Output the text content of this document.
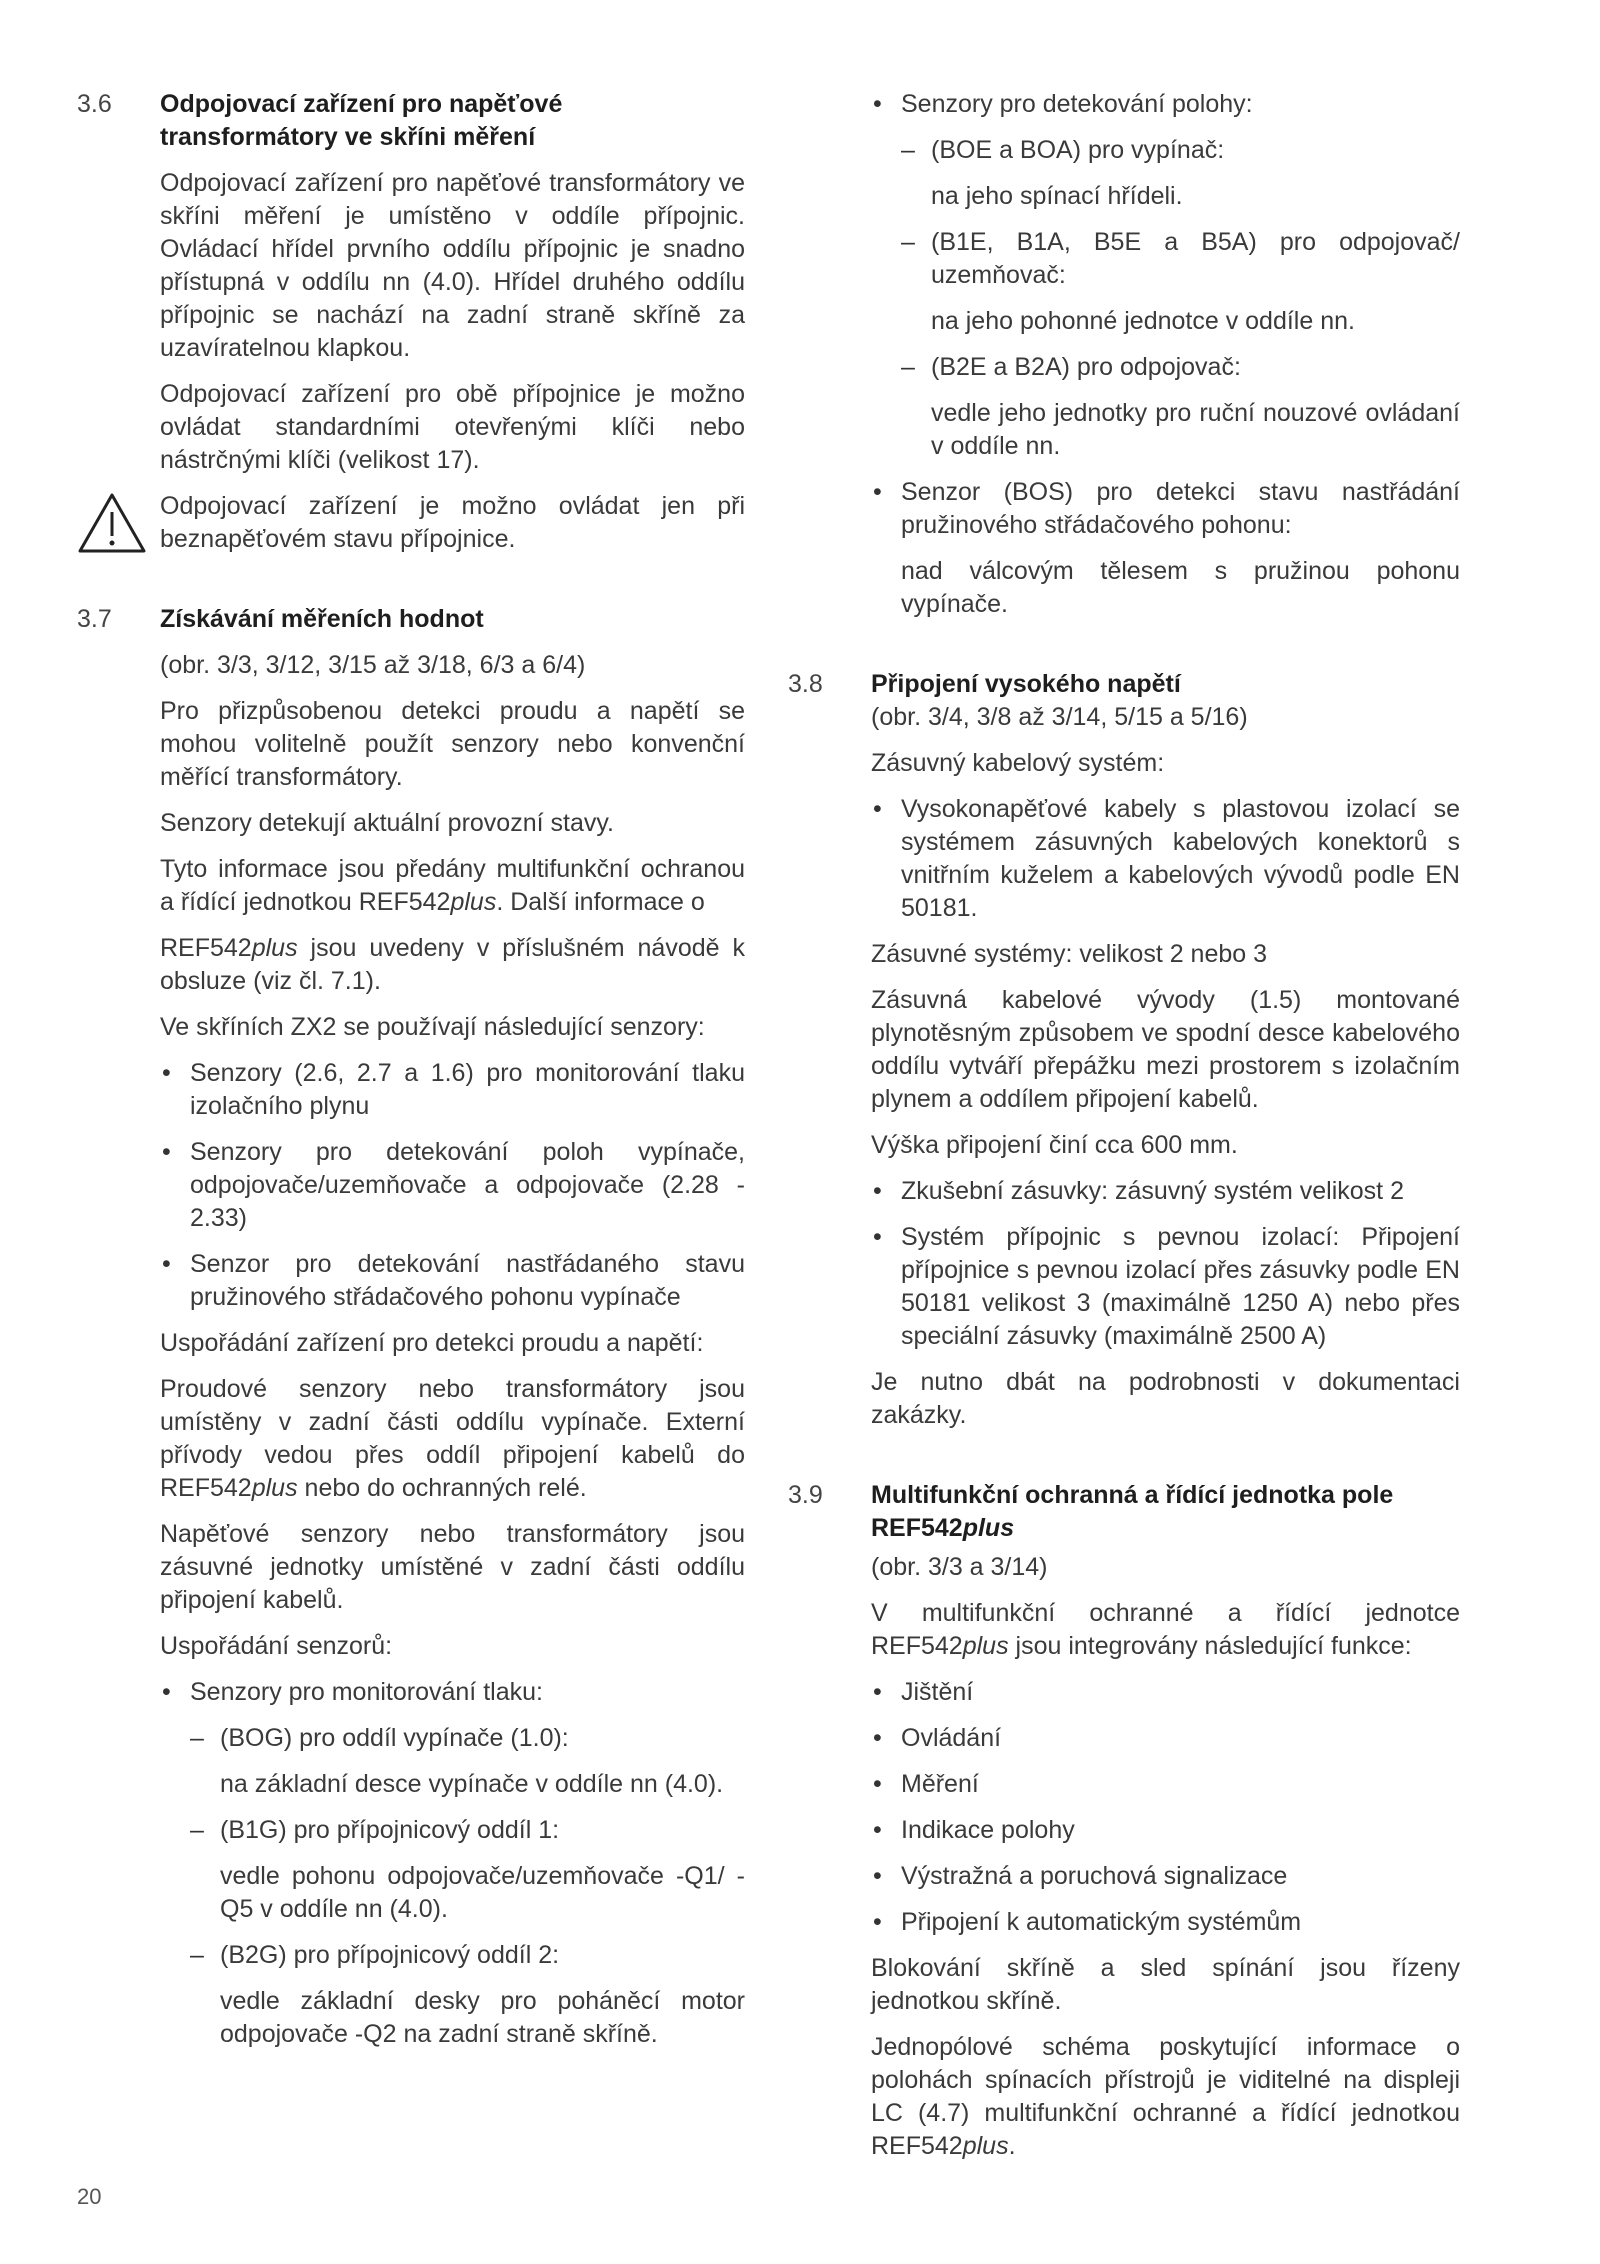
3.6	Odpojovací zařízení pro napěťové
transformátory ve skříni měření

Odpojovací zařízení pro napěťové transformátory ve skříni měření je umístěno v oddíle přípojnic. Ovládací hřídel prvního oddílu přípojnic je snadno přístupná v oddílu nn (4.0). Hřídel druhého oddílu přípojnic se nachází na zadní straně skříně za uzavíratelnou klapkou.

Odpojovací zařízení pro obě přípojnice je možno ovládat standardními otevřenými klíči nebo nástrčnými klíči (velikost 17).

Odpojovací zařízení je možno ovládat jen při beznapěťovém stavu přípojnice.

3.7	Získávání měřeních hodnot

(obr. 3/3, 3/12, 3/15 až 3/18, 6/3 a 6/4)

Pro přizpůsobenou detekci proudu a napětí se mohou volitelně použít senzory nebo konvenční měřící transformátory.

Senzory detekují aktuální provozní stavy.

Tyto informace jsou předány multifunkční ochranou a řídící jednotkou REF542plus. Další informace o

REF542plus jsou uvedeny v příslušném návodě k obsluze (viz čl. 7.1).

Ve skříních ZX2 se používají následující senzory:

• Senzory (2.6, 2.7 a 1.6) pro monitorování tlaku izolačního plynu
• Senzory pro detekování poloh vypínače, odpojovače/uzemňovače a odpojovače (2.28 - 2.33)
• Senzor pro detekování nastřádaného stavu pružinového střádačového pohonu vypínače

Uspořádání zařízení pro detekci proudu a napětí:

Proudové senzory nebo transformátory jsou umístěny v zadní části oddílu vypínače. Externí přívody vedou přes oddíl připojení kabelů do REF542plus nebo do ochranných relé.

Napěťové senzory nebo transformátory jsou zásuvné jednotky umístěné v zadní části oddílu připojení kabelů.

Uspořádání senzorů:

• Senzory pro monitorování tlaku:
– (BOG) pro oddíl vypínače (1.0):

na základní desce vypínače v oddíle nn (4.0).

– (B1G) pro přípojnicový oddíl 1:

vedle pohonu odpojovače/uzemňovače -Q1/ -Q5 v oddíle nn (4.0).

– (B2G) pro přípojnicový oddíl 2:

vedle základní desky pro poháněcí motor odpojovače -Q2 na zadní straně skříně.

• Senzory pro detekování polohy:
– (BOE a BOA) pro vypínač:

na jeho spínací hřídeli.

– (B1E, B1A, B5E a B5A) pro odpojovač/ uzemňovač:

na jeho pohonné jednotce v oddíle nn.

– (B2E a B2A) pro odpojovač:

vedle jeho jednotky pro ruční nouzové ovládaní v oddíle nn.

• Senzor (BOS) pro detekci stavu nastřádání pružinového střádačového pohonu:

nad válcovým tělesem s pružinou pohonu vypínače.

3.8	Připojení vysokého napětí

(obr. 3/4, 3/8 až 3/14, 5/15 a 5/16)

Zásuvný kabelový systém:

• Vysokonapěťové kabely s plastovou izolací se systémem zásuvných kabelových konektorů s vnitřním kuželem a kabelových vývodů podle EN 50181.

Zásuvné systémy: velikost 2 nebo 3

Zásuvná kabelové vývody (1.5) montované plynotěsným způsobem ve spodní desce kabelového oddílu vytváří přepážku mezi prostorem s izolačním plynem a oddílem připojení kabelů.

Výška připojení činí cca 600 mm.

• Zkušební zásuvky: zásuvný systém velikost 2
• Systém přípojnic s pevnou izolací: Připojení přípojnice s pevnou izolací přes zásuvky podle EN 50181 velikost 3 (maximálně 1250 A) nebo přes speciální zásuvky (maximálně 2500 A)

Je nutno dbát na podrobnosti v dokumentaci zakázky.

3.9	Multifunkční ochranná a řídící jednotka pole
REF542plus

(obr. 3/3 a 3/14)

V multifunkční ochranné a řídící jednotce REF542plus jsou integrovány následující funkce:

• Jištění
• Ovládání
• Měření
• Indikace polohy
• Výstražná a poruchová signalizace
• Připojení k automatickým systémům

Blokování skříně a sled spínání jsou řízeny jednotkou skříně.

Jednopólové schéma poskytující informace o polohách spínacích přístrojů je viditelné na displeji LC (4.7) multifunkční ochranné a řídící jednotkou REF542plus.

20
